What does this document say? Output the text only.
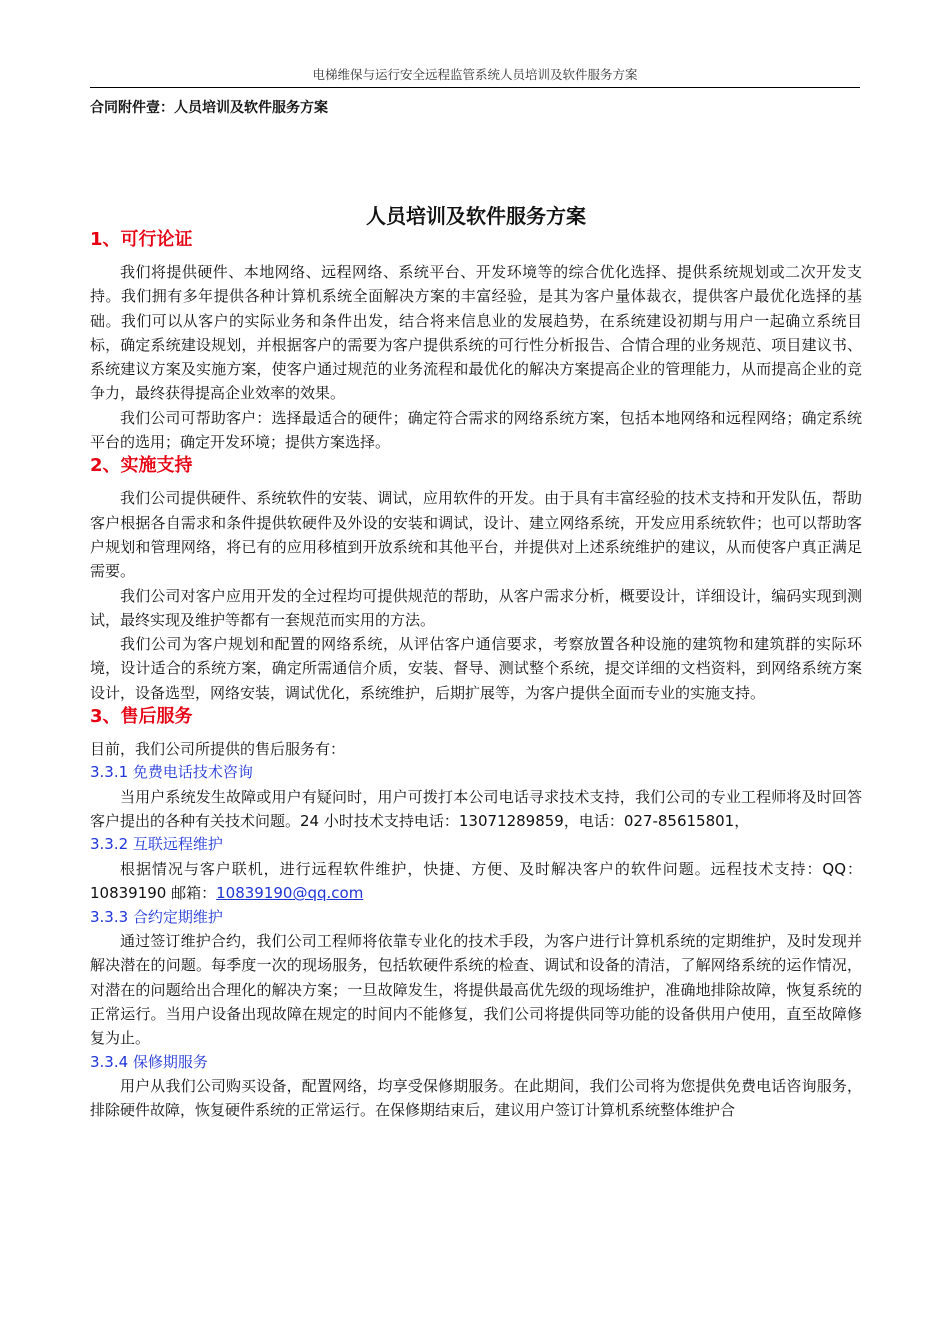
电梯维保与运行安全远程监管系统人员培训及软件服务方案

合同附件壹：人员培训及软件服务方案

人员培训及软件服务方案
1、可行论证

我们将提供硬件、本地网络、远程网络、系统平台、开发环境等的综合优化选择、提供系统规划或二次开发支持。我们拥有多年提供各种计算机系统全面解决方案的丰富经验，是其为客户量体裁衣，提供客户最优化选择的基础。我们可以从客户的实际业务和条件出发，结合将来信息业的发展趋势，在系统建设初期与用户一起确立系统目标，确定系统建设规划，并根据客户的需要为客户提供系统的可行性分析报告、合情合理的业务规范、项目建议书、系统建议方案及实施方案，使客户通过规范的业务流程和最优化的解决方案提高企业的管理能力，从而提高企业的竞争力，最终获得提高企业效率的效果。

我们公司可帮助客户：选择最适合的硬件；确定符合需求的网络系统方案，包括本地网络和远程网络；确定系统平台的选用；确定开发环境；提供方案选择。

2、实施支持

我们公司提供硬件、系统软件的安装、调试，应用软件的开发。由于具有丰富经验的技术支持和开发队伍，帮助客户根据各自需求和条件提供软硬件及外设的安装和调试，设计、建立网络系统，开发应用系统软件；也可以帮助客户规划和管理网络，将已有的应用移植到开放系统和其他平台，并提供对上述系统维护的建议，从而使客户真正满足需要。

我们公司对客户应用开发的全过程均可提供规范的帮助，从客户需求分析，概要设计，详细设计，编码实现到测试，最终实现及维护等都有一套规范而实用的方法。

我们公司为客户规划和配置的网络系统，从评估客户通信要求，考察放置各种设施的建筑物和建筑群的实际环境，设计适合的系统方案，确定所需通信介质，安装、督导、测试整个系统，提交详细的文档资料，到网络系统方案设计，设备选型，网络安装，调试优化，系统维护，后期扩展等，为客户提供全面而专业的实施支持。

3、售后服务

目前，我们公司所提供的售后服务有：

3.3.1 免费电话技术咨询

当用户系统发生故障或用户有疑问时，用户可拨打本公司电话寻求技术支持，我们公司的专业工程师将及时回答客户提出的各种有关技术问题。24 小时技术支持电话：13071289859，电话：027-85615801，

3.3.2 互联远程维护

根据情况与客户联机，进行远程软件维护，快捷、方便、及时解决客户的软件问题。远程技术支持：QQ：10839190 邮箱：10839190@qq.com

3.3.3 合约定期维护

通过签订维护合约，我们公司工程师将依靠专业化的技术手段，为客户进行计算机系统的定期维护，及时发现并解决潜在的问题。每季度一次的现场服务，包括软硬件系统的检查、调试和设备的清洁，了解网络系统的运作情况，对潜在的问题给出合理化的解决方案；一旦故障发生，将提供最高优先级的现场维护，准确地排除故障，恢复系统的正常运行。当用户设备出现故障在规定的时间内不能修复，我们公司将提供同等功能的设备供用户使用，直至故障修复为止。

3.3.4 保修期服务

用户从我们公司购买设备，配置网络，均享受保修期服务。在此期间，我们公司将为您提供免费电话咨询服务，排除硬件故障，恢复硬件系统的正常运行。在保修期结束后，建议用户签订计算机系统整体维护合
